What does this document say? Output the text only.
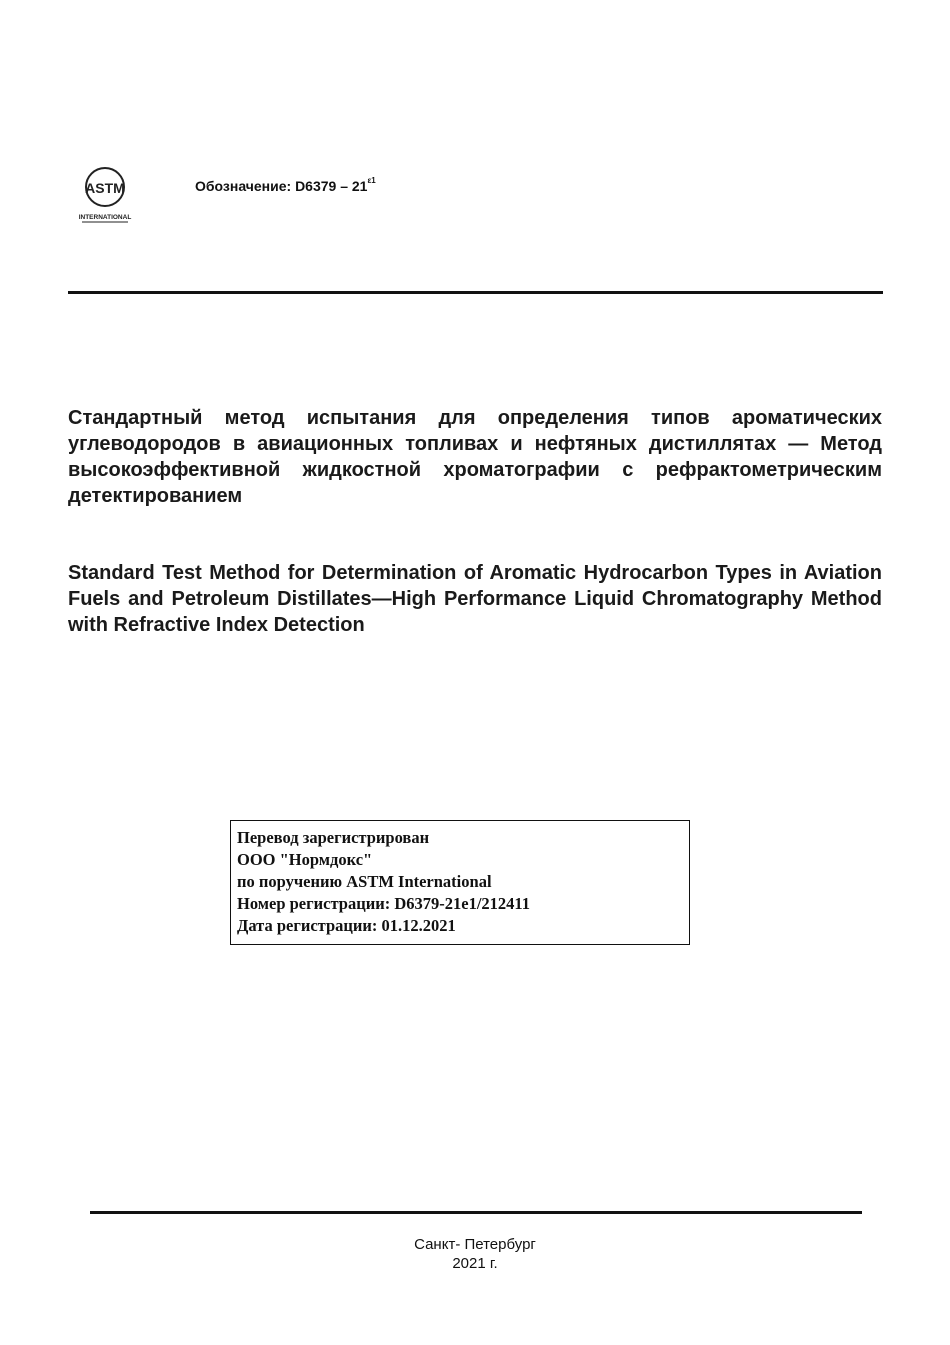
ASTM
INTERNATIONAL
Обозначение: $D6379 - 21^{\varepsilon 1}$

Стандартный метод испытания для определения типов ароматических углеводородов в авиационных топливах и нефтяных дистиллятах — Метод высокоэффективной жидкостной хроматографии с рефрактометрическим детектированием

Standard Test Method for Determination of Aromatic Hydrocarbon Types in Aviation Fuels and Petroleum Distillates—High Performance Liquid Chromatography Method with Refractive Index Detection

Перевод зарегистрирован
ООО "Нормдокс"
по поручению ASTM International
Номер регистрации: D6379-21e1/212411
Дата регистрации: 01.12.2021
Санкт- Петербург
2021 г.
